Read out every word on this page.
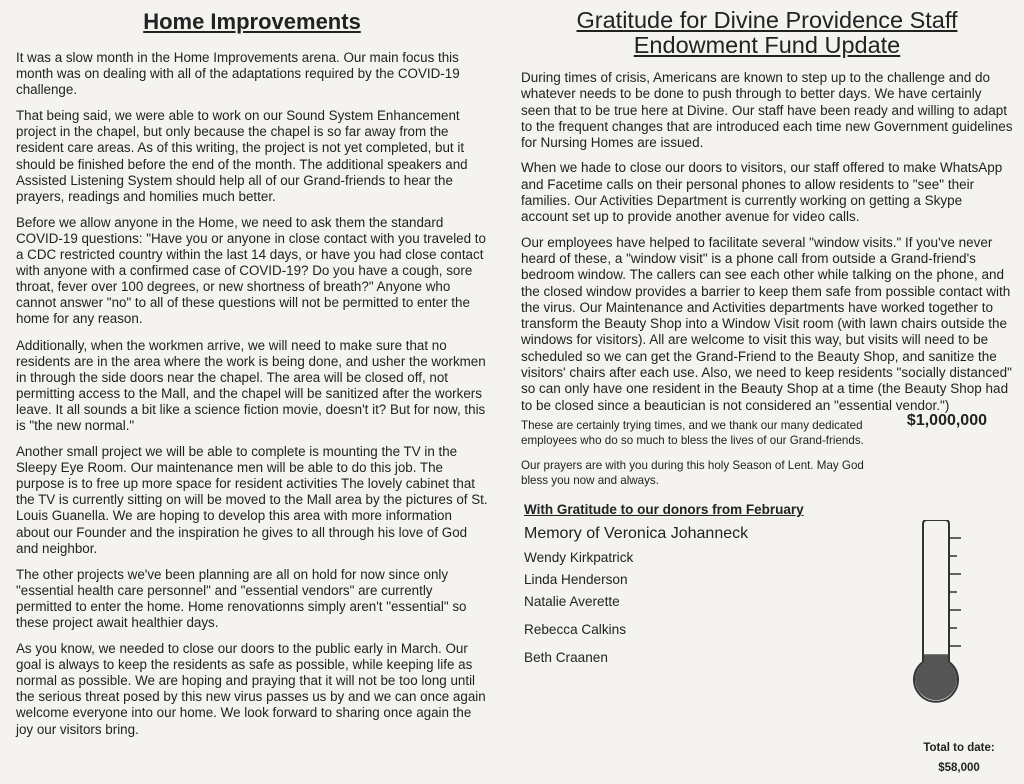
Home Improvements

It was a slow month in the Home Improvements arena. Our main focus this month was on dealing with all of the adaptations required by the COVID-19 challenge.

That being said, we were able to work on our Sound System Enhancement project in the chapel, but only because the chapel is so far away from the resident care areas. As of this writing, the project is not yet completed, but it should be finished before the end of the month. The additional speakers and Assisted Listening System should help all of our Grand-friends to hear the prayers, readings and homilies much better.

Before we allow anyone in the Home, we need to ask them the standard COVID-19 questions: "Have you or anyone in close contact with you traveled to a CDC restricted country within the last 14 days, or have you had close contact with anyone with a confirmed case of COVID-19? Do you have a cough, sore throat, fever over 100 degrees, or new shortness of breath?" Anyone who cannot answer "no" to all of these questions will not be permitted to enter the home for any reason.

Additionally, when the workmen arrive, we will need to make sure that no residents are in the area where the work is being done, and usher the workmen in through the side doors near the chapel. The area will be closed off, not permitting access to the Mall, and the chapel will be sanitized after the workers leave. It all sounds a bit like a science fiction movie, doesn't it? But for now, this is "the new normal."

Another small project we will be able to complete is mounting the TV in the Sleepy Eye Room. Our maintenance men will be able to do this job. The purpose is to free up more space for resident activities The lovely cabinet that the TV is currently sitting on will be moved to the Mall area by the pictures of St. Louis Guanella. We are hoping to develop this area with more information about our Founder and the inspiration he gives to all through his love of God and neighbor.

The other projects we've been planning are all on hold for now since only "essential health care personnel" and "essential vendors" are currently permitted to enter the home. Home renovationns simply aren't "essential" so these project await healthier days.

As you know, we needed to close our doors to the public early in March. Our goal is always to keep the residents as safe as possible, while keeping life as normal as possible. We are hoping and praying that it will not be too long until the serious threat posed by this new virus passes us by and we can once again welcome everyone into our home. We look forward to sharing once again the joy our visitors bring.

Gratitude for Divine Providence Staff
Endowment Fund Update

During times of crisis, Americans are known to step up to the challenge and do whatever needs to be done to push through to better days. We have certainly seen that to be true here at Divine. Our staff have been ready and willing to adapt to the frequent changes that are introduced each time new Government guidelines for Nursing Homes are issued.

When we hade to close our doors to visitors, our staff offered to make WhatsApp and Facetime calls on their personal phones to allow residents to "see" their families. Our Activities Department is currently working on getting a Skype account set up to provide another avenue for video calls.

Our employees have helped to facilitate several "window visits." If you've never heard of these, a "window visit" is a phone call from outside a Grand-friend's bedroom window. The callers can see each other while talking on the phone, and the closed window provides a barrier to keep them safe from possible contact with the virus. Our Maintenance and Activities departments have worked together to transform the Beauty Shop into a Window Visit room (with lawn chairs outside the windows for visitors). All are welcome to visit this way, but visits will need to be scheduled so we can get the Grand-Friend to the Beauty Shop, and sanitize the visitors' chairs after each use. Also, we need to keep residents "socially distanced" so can only have one resident in the Beauty Shop at a time (the Beauty Shop had to be closed since a beautician is not considered an "essential vendor.")

$1,000,000

These are certainly trying times, and we thank our many dedicated employees who do so much to bless the lives of our Grand-friends.

Our prayers are with you during this holy Season of Lent. May God bless you now and always.

With Gratitude to our donors from February
Memory of Veronica Johanneck
Wendy Kirkpatrick
Linda Henderson
Natalie Averette
Rebecca Calkins
Beth Craanen
Total to date:
$58,000
